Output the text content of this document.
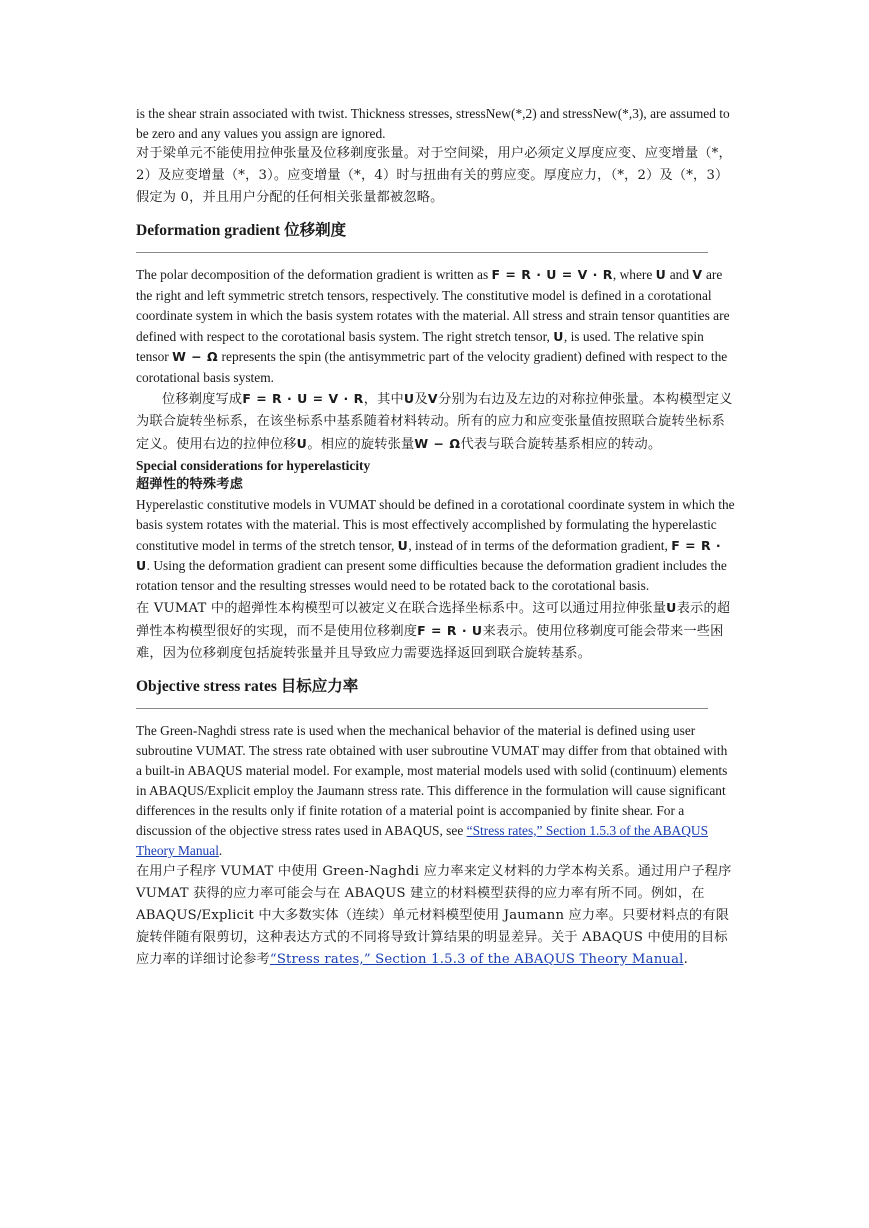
is the shear strain associated with twist. Thickness stresses, stressNew(*,2) and stressNew(*,3), are assumed to be zero and any values you assign are ignored.

对于梁单元不能使用拉伸张量及位移剃度张量。对于空间梁，用户必须定义厚度应变、应变增量（*，2）及应变增量（*，3）。应变增量（*，4）时与扭曲有关的剪应变。厚度应力，（*，2）及（*，3）假定为 0，并且用户分配的任何相关张量都被忽略。

Deformation gradient 位移剃度

The polar decomposition of the deformation gradient is written as F = R · U = V · R, where U and V are the right and left symmetric stretch tensors, respectively. The constitutive model is defined in a corotational coordinate system in which the basis system rotates with the material. All stress and strain tensor quantities are defined with respect to the corotational basis system. The right stretch tensor, U, is used. The relative spin tensor W − Ω represents the spin (the antisymmetric part of the velocity gradient) defined with respect to the corotational basis system.

位移剃度写成F = R · U = V · R，其中U及V分别为右边及左边的对称拉伸张量。本构模型定义为联合旋转坐标系，在该坐标系中基系随着材料转动。所有的应力和应变张量值按照联合旋转坐标系定义。使用右边的拉伸位移U。相应的旋转张量W − Ω代表与联合旋转基系相应的转动。

Special considerations for hyperelasticity
超弹性的特殊考虑

Hyperelastic constitutive models in VUMAT should be defined in a corotational coordinate system in which the basis system rotates with the material. This is most effectively accomplished by formulating the hyperelastic constitutive model in terms of the stretch tensor, U, instead of in terms of the deformation gradient, F = R · U. Using the deformation gradient can present some difficulties because the deformation gradient includes the rotation tensor and the resulting stresses would need to be rotated back to the corotational basis.

在 VUMAT 中的超弹性本构模型可以被定义在联合选择坐标系中。这可以通过用拉伸张量U表示的超弹性本构模型很好的实现，而不是使用位移剃度F = R · U来表示。使用位移剃度可能会带来一些困难，因为位移剃度包括旋转张量并且导致应力需要选择返回到联合旋转基系。

Objective stress rates 目标应力率

The Green-Naghdi stress rate is used when the mechanical behavior of the material is defined using user subroutine VUMAT. The stress rate obtained with user subroutine VUMAT may differ from that obtained with a built-in ABAQUS material model. For example, most material models used with solid (continuum) elements in ABAQUS/Explicit employ the Jaumann stress rate. This difference in the formulation will cause significant differences in the results only if finite rotation of a material point is accompanied by finite shear. For a discussion of the objective stress rates used in ABAQUS, see “Stress rates,” Section 1.5.3 of the ABAQUS Theory Manual.

在用户子程序 VUMAT 中使用 Green-Naghdi 应力率来定义材料的力学本构关系。通过用户子程序 VUMAT 获得的应力率可能会与在 ABAQUS 建立的材料模型获得的应力率有所不同。例如，在 ABAQUS/Explicit 中大多数实体（连续）单元材料模型使用 Jaumann 应力率。只要材料点的有限旋转伴随有限剪切，这种表达方式的不同将导致计算结果的明显差异。关于 ABAQUS 中使用的目标应力率的详细讨论参考“Stress rates,” Section 1.5.3 of the ABAQUS Theory Manual.
